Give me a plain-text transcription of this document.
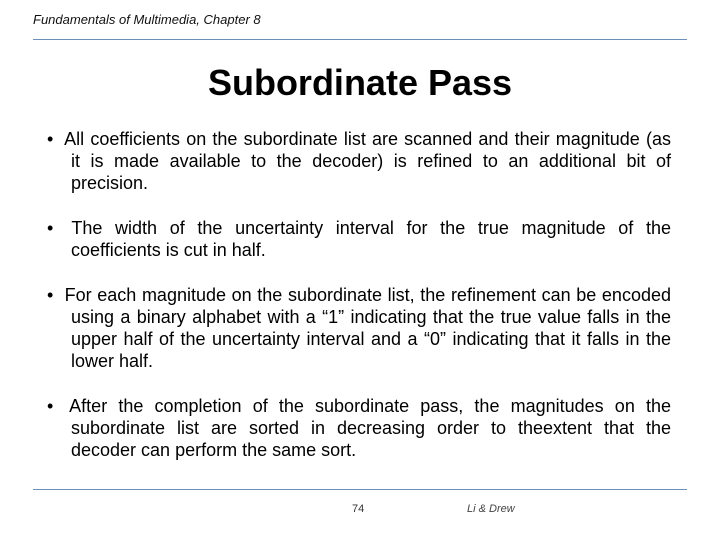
Fundamentals of Multimedia, Chapter 8
Subordinate Pass
• All coefficients on the subordinate list are scanned and their magnitude (as it is made available to the decoder) is refined to an additional bit of precision.
• The width of the uncertainty interval for the true magnitude of the coefficients is cut in half.
• For each magnitude on the subordinate list, the refinement can be encoded using a binary alphabet with a “1” indicating that the true value falls in the upper half of the uncertainty interval and a “0” indicating that it falls in the lower half.
• After the completion of the subordinate pass, the magnitudes on the subordinate list are sorted in decreasing order to theextent that the decoder can perform the same sort.
74	Li & Drew
